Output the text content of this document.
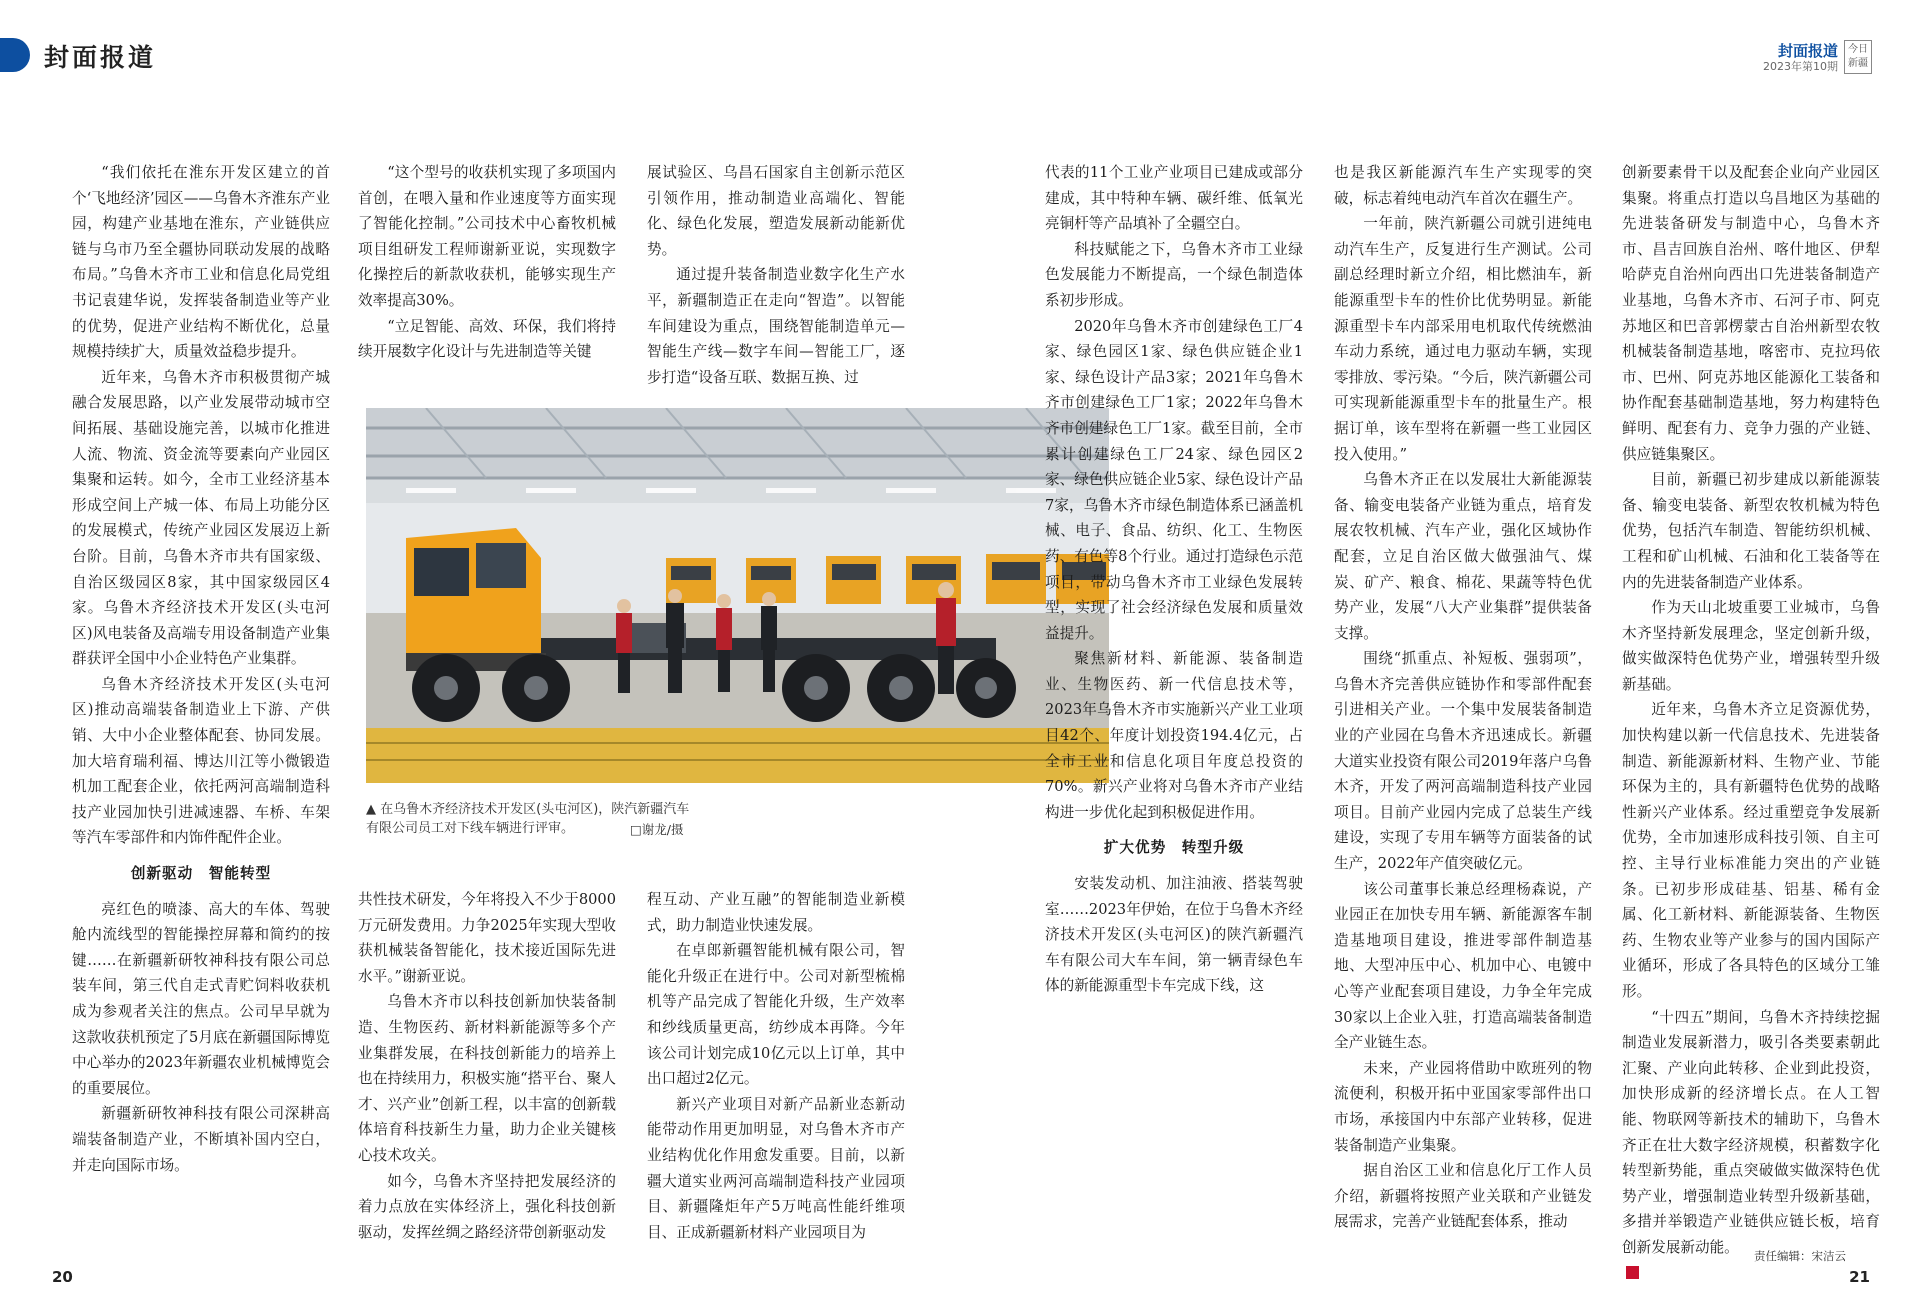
封面报道	封面报道
2023年第10期
今日新疆

“我们依托在淮东开发区建立的首个‘飞地经济’园区——乌鲁木齐淮东产业园，构建产业基地在淮东，产业链供应链与乌市乃至全疆协同联动发展的战略布局。”乌鲁木齐市工业和信息化局党组书记袁建华说，发挥装备制造业等产业的优势，促进产业结构不断优化，总量规模持续扩大，质量效益稳步提升。

近年来，乌鲁木齐市积极贯彻产城融合发展思路，以产业发展带动城市空间拓展、基础设施完善，以城市化推进人流、物流、资金流等要素向产业园区集聚和运转。如今，全市工业经济基本形成空间上产城一体、布局上功能分区的发展模式，传统产业园区发展迈上新台阶。目前，乌鲁木齐市共有国家级、自治区级园区8家，其中国家级园区4家。乌鲁木齐经济技术开发区(头屯河区)风电装备及高端专用设备制造产业集群获评全国中小企业特色产业集群。

乌鲁木齐经济技术开发区(头屯河区)推动高端装备制造业上下游、产供销、大中小企业整体配套、协同发展。加大培育瑞利福、博达川江等小微锻造机加工配套企业，依托两河高端制造科技产业园加快引进减速器、车桥、车架等汽车零部件和内饰件配件企业。

创新驱动　智能转型

亮红色的喷漆、高大的车体、驾驶舱内流线型的智能操控屏幕和简约的按键……在新疆新研牧神科技有限公司总装车间，第三代自走式青贮饲料收获机成为参观者关注的焦点。公司早早就为这款收获机预定了5月底在新疆国际博览中心举办的2023年新疆农业机械博览会的重要展位。

新疆新研牧神科技有限公司深耕高端装备制造产业，不断填补国内空白，并走向国际市场。

“这个型号的收获机实现了多项国内首创，在喂入量和作业速度等方面实现了智能化控制。”公司技术中心畜牧机械项目组研发工程师谢新亚说，实现数字化操控后的新款收获机，能够实现生产效率提高30%。

“立足智能、高效、环保，我们将持续开展数字化设计与先进制造等关键

共性技术研发，今年将投入不少于8000万元研发费用。力争2025年实现大型收获机械装备智能化，技术接近国际先进水平。”谢新亚说。

乌鲁木齐市以科技创新加快装备制造、生物医药、新材料新能源等多个产业集群发展，在科技创新能力的培养上也在持续用力，积极实施“搭平台、聚人才、兴产业”创新工程，以丰富的创新载体培育科技新生力量，助力企业关键核心技术攻关。

如今，乌鲁木齐坚持把发展经济的着力点放在实体经济上，强化科技创新驱动，发挥丝绸之路经济带创新驱动发

展试验区、乌昌石国家自主创新示范区引领作用，推动制造业高端化、智能化、绿色化发展，塑造发展新动能新优势。

通过提升装备制造业数字化生产水平，新疆制造正在走向“智造”。以智能车间建设为重点，围绕智能制造单元—智能生产线—数字车间—智能工厂，逐步打造“设备互联、数据互换、过

程互动、产业互融”的智能制造业新模式，助力制造业快速发展。

在卓郎新疆智能机械有限公司，智能化升级正在进行中。公司对新型梳棉机等产品完成了智能化升级，生产效率和纱线质量更高，纺纱成本再降。今年该公司计划完成10亿元以上订单，其中出口超过2亿元。

新兴产业项目对新产品新业态新动能带动作用更加明显，对乌鲁木齐市产业结构优化作用愈发重要。目前，以新疆大道实业两河高端制造科技产业园项目、新疆隆炬年产5万吨高性能纤维项目、正成新疆新材料产业园项目为

▲ 在乌鲁木齐经济技术开发区(头屯河区)，陕汽新疆汽车有限公司员工对下线车辆进行评审。	□谢龙/摄

代表的11个工业产业项目已建成或部分建成，其中特种车辆、碳纤维、低氧光亮铜杆等产品填补了全疆空白。

科技赋能之下，乌鲁木齐市工业绿色发展能力不断提高，一个绿色制造体系初步形成。

2020年乌鲁木齐市创建绿色工厂4家、绿色园区1家、绿色供应链企业1家、绿色设计产品3家；2021年乌鲁木齐市创建绿色工厂1家；2022年乌鲁木齐市创建绿色工厂1家。截至目前，全市累计创建绿色工厂24家、绿色园区2家、绿色供应链企业5家、绿色设计产品7家，乌鲁木齐市绿色制造体系已涵盖机械、电子、食品、纺织、化工、生物医药、有色等8个行业。通过打造绿色示范项目，带动乌鲁木齐市工业绿色发展转型，实现了社会经济绿色发展和质量效益提升。

聚焦新材料、新能源、装备制造业、生物医药、新一代信息技术等，2023年乌鲁木齐市实施新兴产业工业项目42个、年度计划投资194.4亿元，占全市工业和信息化项目年度总投资的70%。新兴产业将对乌鲁木齐市产业结构进一步优化起到积极促进作用。

扩大优势　转型升级

安装发动机、加注油液、搭装驾驶室……2023年伊始，在位于乌鲁木齐经济技术开发区(头屯河区)的陕汽新疆汽车有限公司大车车间，第一辆青绿色车体的新能源重型卡车完成下线，这

也是我区新能源汽车生产实现零的突破，标志着纯电动汽车首次在疆生产。

一年前，陕汽新疆公司就引进纯电动汽车生产，反复进行生产测试。公司副总经理时新立介绍，相比燃油车，新能源重型卡车的性价比优势明显。新能源重型卡车内部采用电机取代传统燃油车动力系统，通过电力驱动车辆，实现零排放、零污染。“今后，陕汽新疆公司可实现新能源重型卡车的批量生产。根据订单，该车型将在新疆一些工业园区投入使用。”

乌鲁木齐正在以发展壮大新能源装备、输变电装备产业链为重点，培育发展农牧机械、汽车产业，强化区域协作配套，立足自治区做大做强油气、煤炭、矿产、粮食、棉花、果蔬等特色优势产业，发展“八大产业集群”提供装备支撑。

围绕“抓重点、补短板、强弱项”，乌鲁木齐完善供应链协作和零部件配套引进相关产业。一个集中发展装备制造业的产业园在乌鲁木齐迅速成长。新疆大道实业投资有限公司2019年落户乌鲁木齐，开发了两河高端制造科技产业园项目。目前产业园内完成了总装生产线建设，实现了专用车辆等方面装备的试生产，2022年产值突破亿元。

该公司董事长兼总经理杨森说，产业园正在加快专用车辆、新能源客车制造基地项目建设，推进零部件制造基地、大型冲压中心、机加中心、电镀中心等产业配套项目建设，力争全年完成30家以上企业入驻，打造高端装备制造全产业链生态。

未来，产业园将借助中欧班列的物流便利，积极开拓中亚国家零部件出口市场，承接国内中东部产业转移，促进装备制造产业集聚。

据自治区工业和信息化厅工作人员介绍，新疆将按照产业关联和产业链发展需求，完善产业链配套体系，推动

创新要素骨干以及配套企业向产业园区集聚。将重点打造以乌昌地区为基础的先进装备研发与制造中心，乌鲁木齐市、昌吉回族自治州、喀什地区、伊犁哈萨克自治州向西出口先进装备制造产业基地，乌鲁木齐市、石河子市、阿克苏地区和巴音郭楞蒙古自治州新型农牧机械装备制造基地，喀密市、克拉玛依市、巴州、阿克苏地区能源化工装备和协作配套基础制造基地，努力构建特色鲜明、配套有力、竞争力强的产业链、供应链集聚区。

目前，新疆已初步建成以新能源装备、输变电装备、新型农牧机械为特色优势，包括汽车制造、智能纺织机械、工程和矿山机械、石油和化工装备等在内的先进装备制造产业体系。

作为天山北坡重要工业城市，乌鲁木齐坚持新发展理念，坚定创新升级，做实做深特色优势产业，增强转型升级新基础。

近年来，乌鲁木齐立足资源优势，加快构建以新一代信息技术、先进装备制造、新能源新材料、生物产业、节能环保为主的，具有新疆特色优势的战略性新兴产业体系。经过重塑竞争发展新优势，全市加速形成科技引领、自主可控、主导行业标准能力突出的产业链条。已初步形成硅基、铝基、稀有金属、化工新材料、新能源装备、生物医药、生物农业等产业参与的国内国际产业循环，形成了各具特色的区域分工雏形。

“十四五”期间，乌鲁木齐持续挖掘制造业发展新潜力，吸引各类要素朝此汇聚、产业向此转移、企业到此投资，加快形成新的经济增长点。在人工智能、物联网等新技术的辅助下，乌鲁木齐正在壮大数字经济规模，积蓄数字化转型新势能，重点突破做实做深特色优势产业，增强制造业转型升级新基础，多措并举锻造产业链供应链长板，培育创新发展新动能。

20	21
责任编辑：宋洁云
